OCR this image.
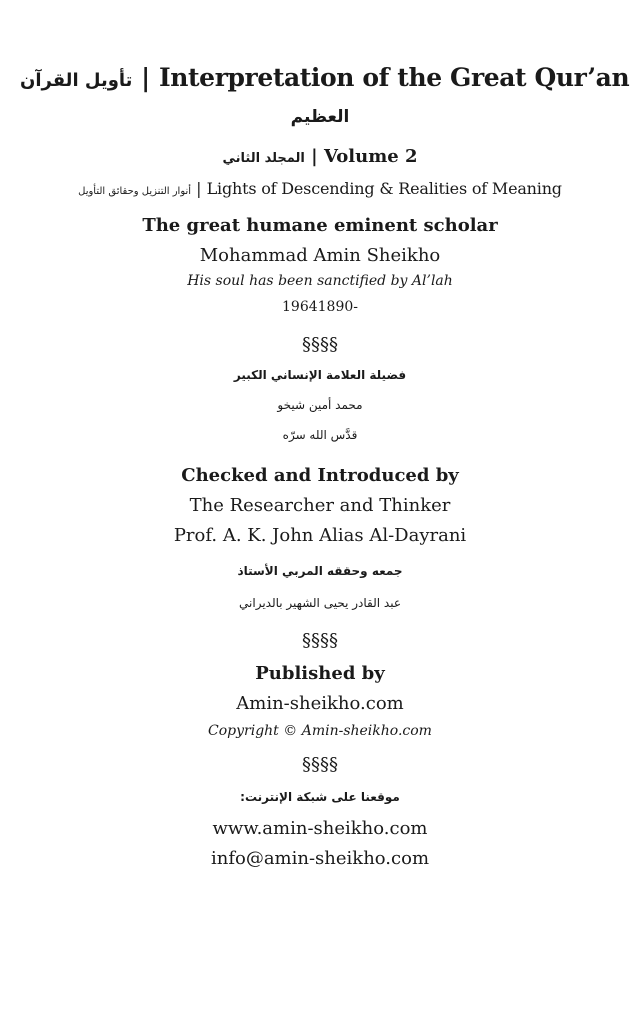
تأويل القرآن | Interpretation of the Great Qur’an
العظيم
المجلد الثاني | Volume 2
أنوار التنزيل وحقائق التأويل | Lights of Descending & Realities of Meaning
The great humane eminent scholar
Mohammad Amin Sheikho
His soul has been sanctified by Al’lah
19641890-
§§§§
فضيلة العلامة الإنساني الكبير
محمد أمين شيخو
قدَّس الله سرّه
Checked and Introduced by
The Researcher and Thinker
Prof. A. K. John Alias Al-Dayrani
جمعه وحققه المربي الأستاذ
عبد القادر يحيى الشهير بالديراني
§§§§
Published by
Amin-sheikho.com
Copyright © Amin-sheikho.com
§§§§
موقعنا على شبكة الإنترنت:
www.amin-sheikho.com
info@amin-sheikho.com
